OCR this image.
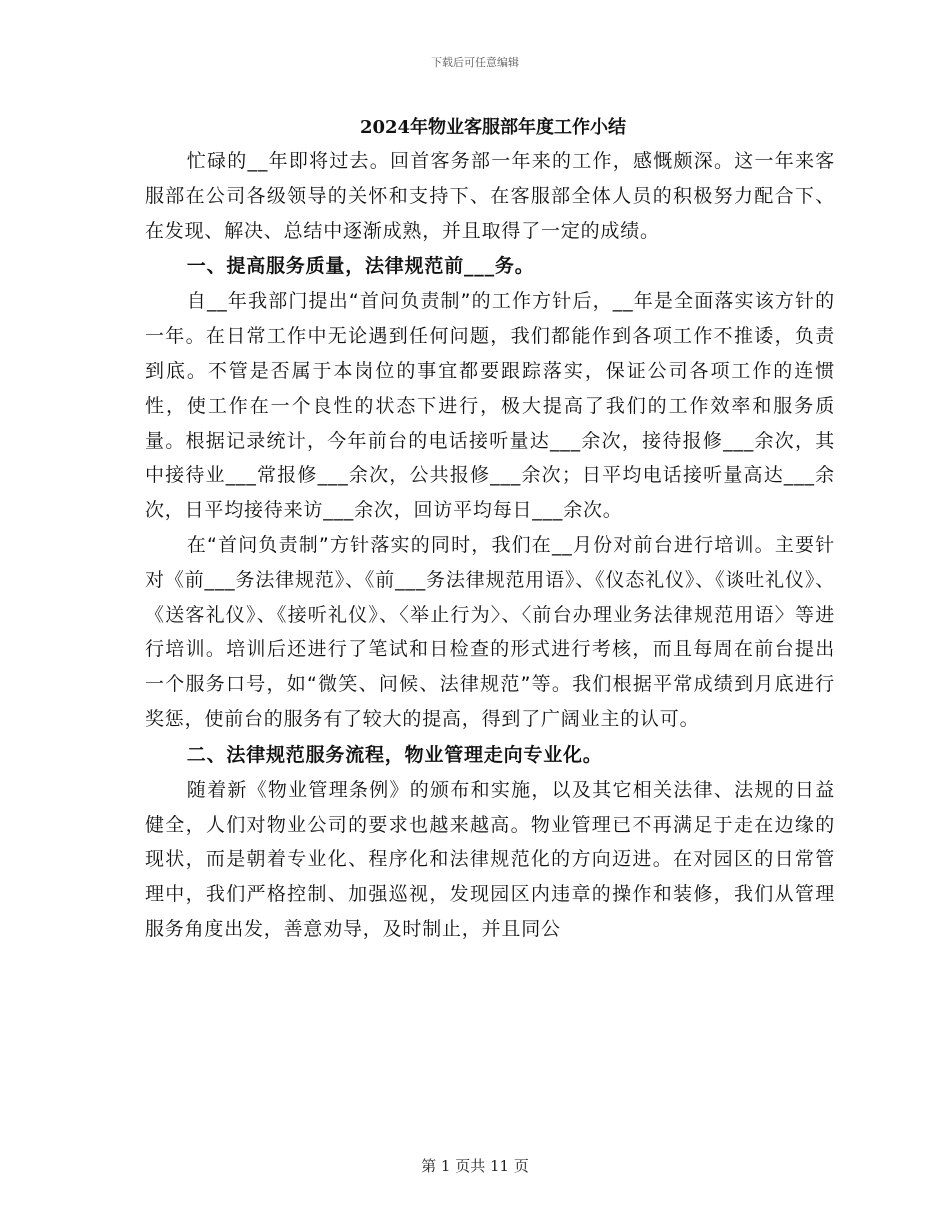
下载后可任意编辑
2024年物业客服部年度工作小结

忙碌的__年即将过去。回首客务部一年来的工作，感慨颇深。这一年来客服部在公司各级领导的关怀和支持下、在客服部全体人员的积极努力配合下、在发现、解决、总结中逐渐成熟，并且取得了一定的成绩。

一、提高服务质量，法律规范前___务。

自__年我部门提出“首问负责制”的工作方针后，__年是全面落实该方针的一年。在日常工作中无论遇到任何问题，我们都能作到各项工作不推诿，负责到底。不管是否属于本岗位的事宜都要跟踪落实，保证公司各项工作的连惯性，使工作在一个良性的状态下进行，极大提高了我们的工作效率和服务质量。根据记录统计，今年前台的电话接听量达___余次，接待报修___余次，其中接待业___常报修___余次，公共报修___余次；日平均电话接听量高达___余次，日平均接待来访___余次，回访平均每日___余次。

在“首问负责制”方针落实的同时，我们在__月份对前台进行培训。主要针对《前___务法律规范》、《前___务法律规范用语》、《仪态礼仪》、《谈吐礼仪》、《送客礼仪》、《接听礼仪》、〈举止行为〉、〈前台办理业务法律规范用语〉等进行培训。培训后还进行了笔试和日检查的形式进行考核，而且每周在前台提出一个服务口号，如“微笑、问候、法律规范”等。我们根据平常成绩到月底进行奖惩，使前台的服务有了较大的提高，得到了广阔业主的认可。

二、法律规范服务流程，物业管理走向专业化。

随着新《物业管理条例》的颁布和实施，以及其它相关法律、法规的日益健全，人们对物业公司的要求也越来越高。物业管理已不再满足于走在边缘的现状，而是朝着专业化、程序化和法律规范化的方向迈进。在对园区的日常管理中，我们严格控制、加强巡视，发现园区内违章的操作和装修，我们从管理服务角度出发，善意劝导，及时制止，并且同公

第 1 页共 11 页
